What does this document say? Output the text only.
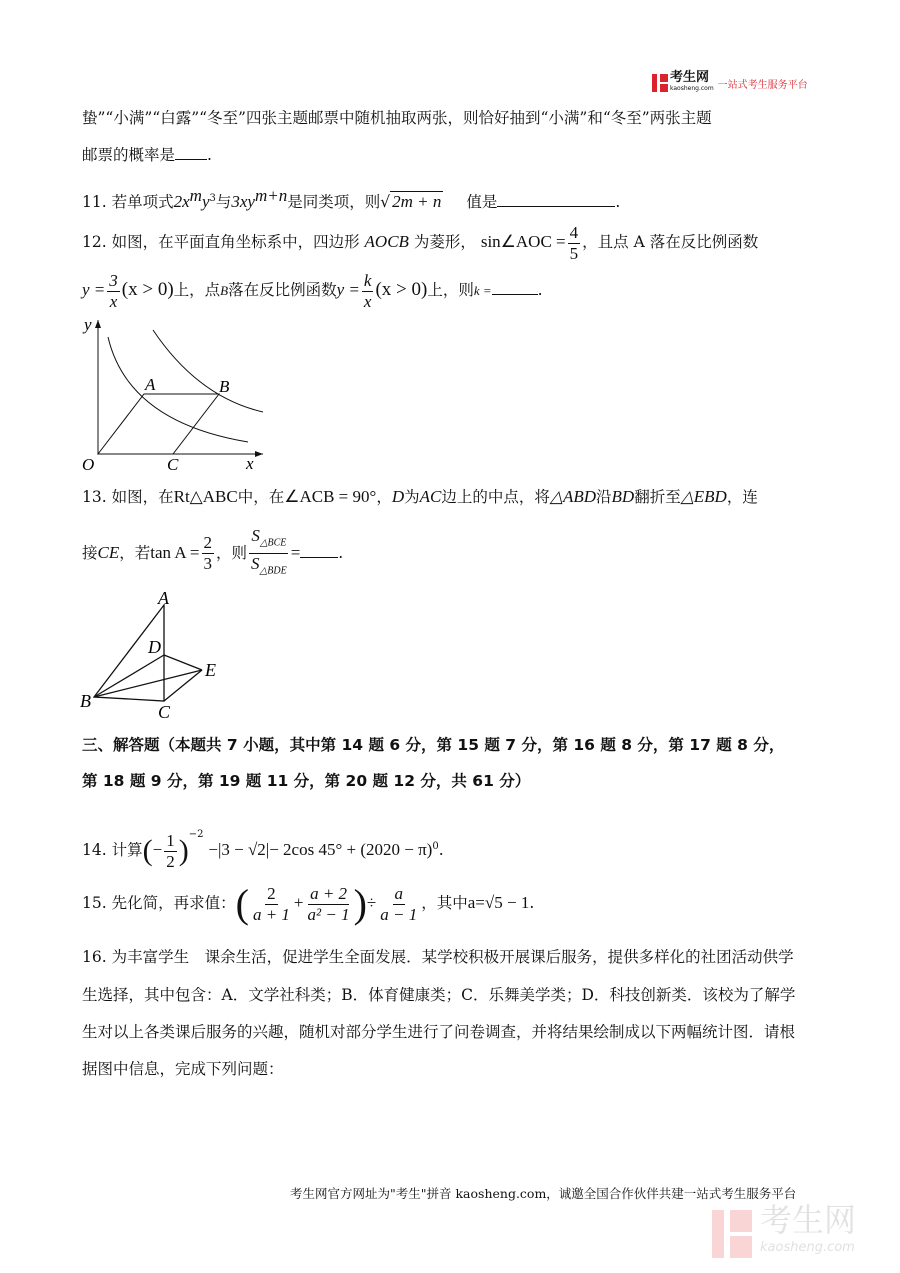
考生网
kaosheng.com 一站式考生服务平台
蛰”“小满”“白露”“冬至”四张主题邮票中随机抽取两张，则恰好抽到“小满”和“冬至”两张主题
邮票的概率是 .
11. 若单项式$2x^my^3$与$3xy^{m+n}$是同类项，则√ 2m + n 值是	.
12. 如图，在平面直角坐标系中，四边形 AOCB 为菱形， sin∠AOC = $\frac{4}{5}$ ，且点 A 落在反比例函数
$y = \frac{3}{x} (x > 0)$上，点B落在反比例函数$y = \frac{k}{x} (x > 0)$上，则k =	.
y
x
O
A	B
C
13. 如图，在Rt△ABC中，在∠ACB = 90°，D为AC边上的中点，将△ABD沿BD翻折至△EBD，连
接CE，若$\tan A = \frac{2}{3}$ ，则 $\frac{S_{\triangle BCE}}{S_{\triangle BDE}}$ = .
A
B
C
D
E
三、解答题（本题共 7 小题，其中第 14 题 6 分，第 15 题 7 分，第 16 题 8 分，第 17 题 8 分，
第 18 题 9 分，第 19 题 11 分，第 20 题 12 分，共 61 分）
14. 计算(− $\frac{1}{2} )^{-2} -|3 - √2|- 2\cos$ $45^\circ + (2020 - \pi)^0$.
15. 先化简，再求值：( $\frac{2}{a + 1} + \frac{a + 2}{\text{a² − 1}}$ )÷ $\frac{a}{a - 1}$ ，其中a=√5 − 1.
16. 为丰富学生　课余生活，促进学生全面发展．某学校积极开展课后服务，提供多样化的社团活动供学
生选择，其中包含：A．文学社科类；B．体育健康类；C．乐舞美学类；D．科技创新类．该校为了解学
生对以上各类课后服务的兴趣，随机对部分学生进行了问卷调查，并将结果绘制成以下两幅统计图．请根
据图中信息，完成下列问题：
考生网官方网址为"考生"拼音 kaosheng.com，诚邀全国合作伙伴共建一站式考生服务平台
考生网
kaosheng.com
